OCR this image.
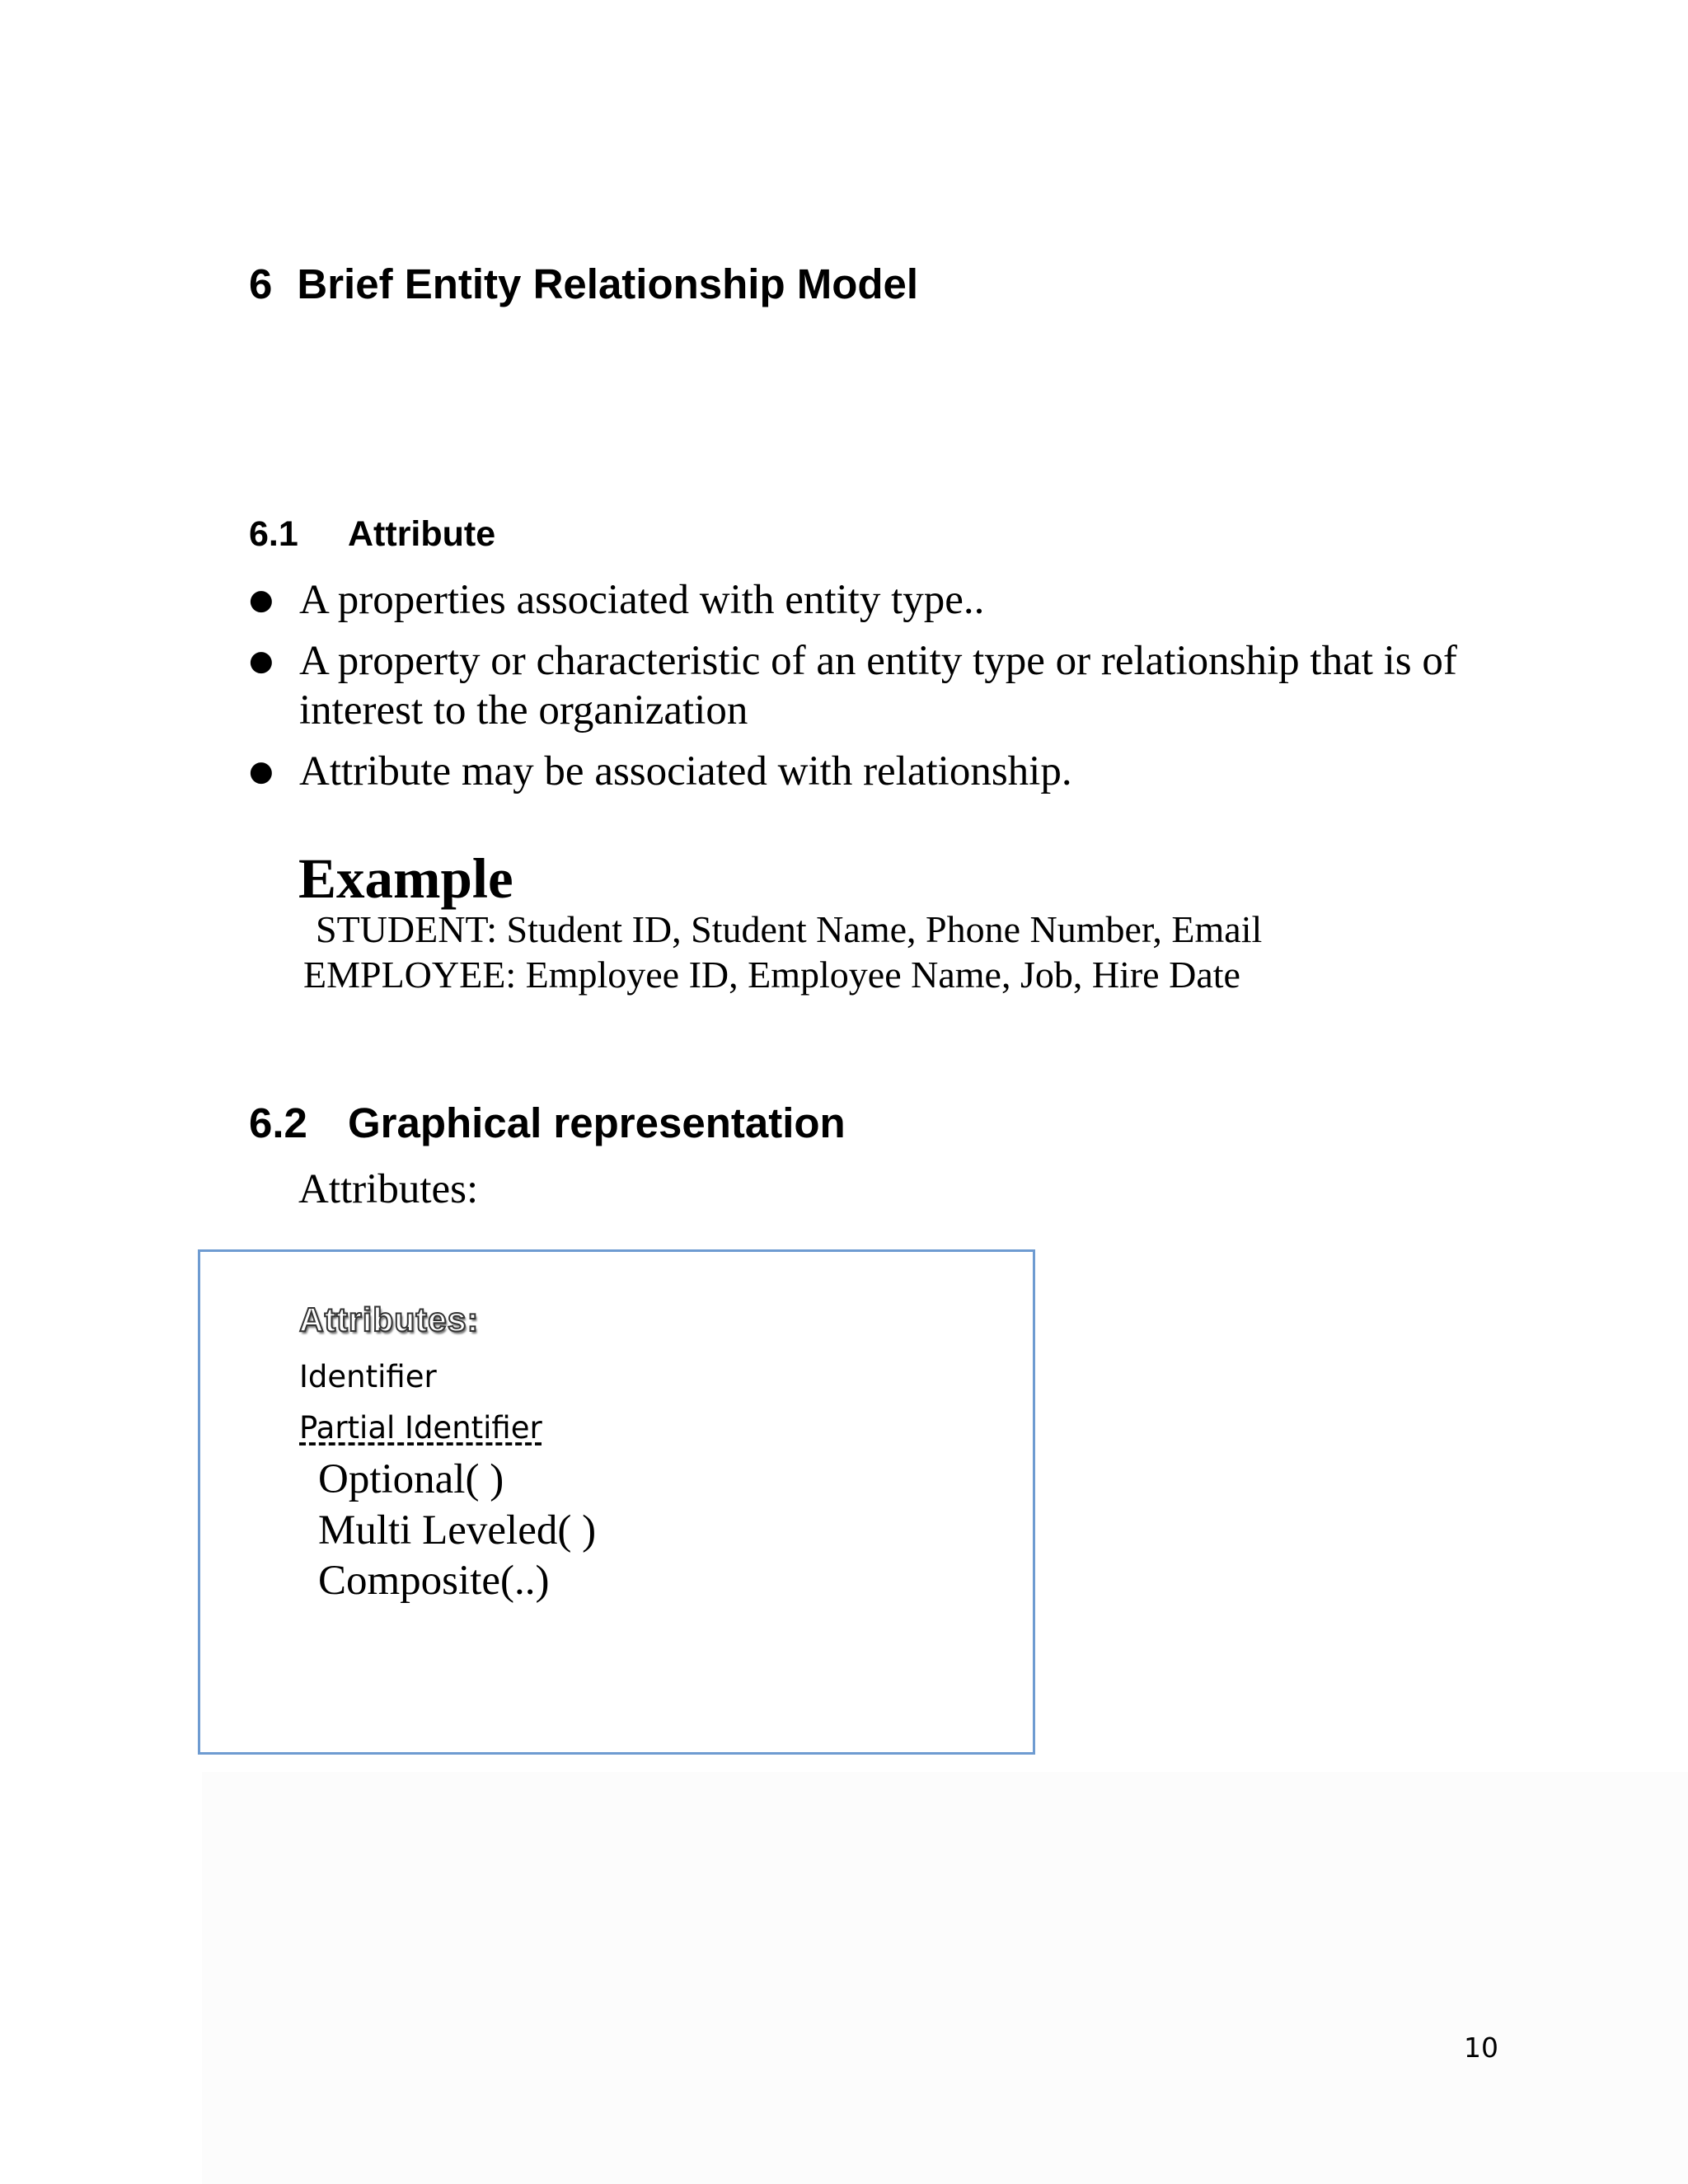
6 Brief Entity Relationship Model
6.1 Attribute
● A properties associated with entity type..
● A property or characteristic of an entity type or relationship that is of interest to the organization
● Attribute may be associated with relationship.
Example
STUDENT: Student ID, Student Name, Phone Number, Email
EMPLOYEE: Employee ID, Employee Name, Job, Hire Date
6.2 Graphical representation
Attributes:
Attributes:
Identifier
Partial Identifier
Optional( )
Multi Leveled( )
Composite(..)
10
